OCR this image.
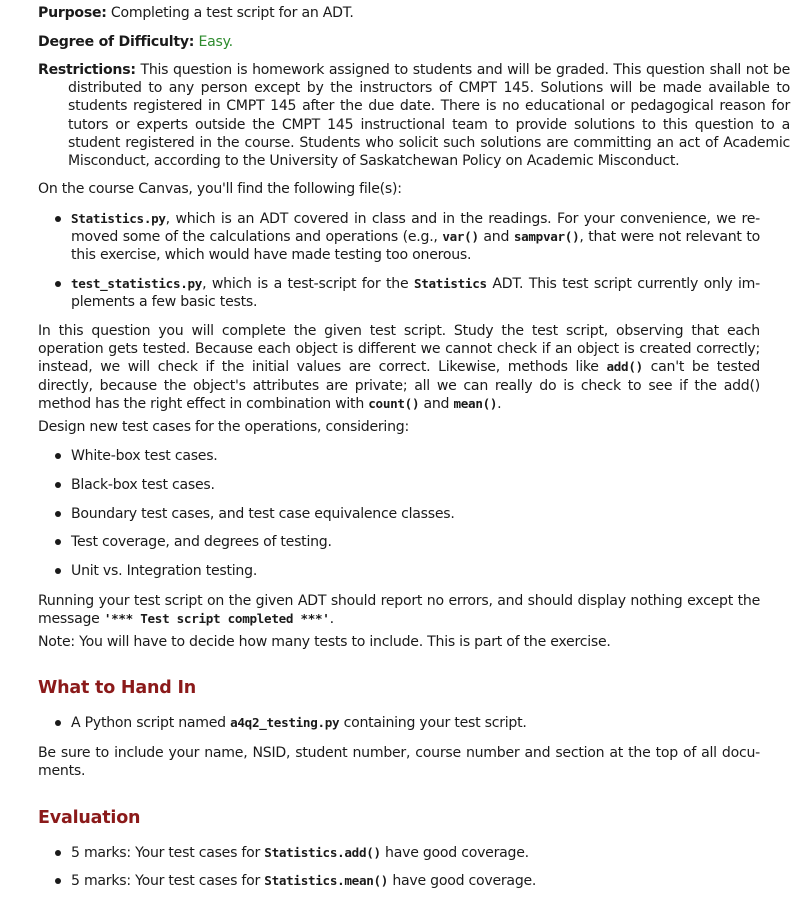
Purpose: Completing a test script for an ADT.
Degree of Difficulty: Easy.
Restrictions: This question is homework assigned to students and will be graded. This question shall not be distributed to any person except by the instructors of CMPT 145. Solutions will be made available to students registered in CMPT 145 after the due date. There is no educational or pedagogical reason for tutors or experts outside the CMPT 145 instructional team to provide solutions to this question to a student registered in the course. Students who solicit such solutions are committing an act of Academic Misconduct, according to the University of Saskatchewan Policy on Academic Misconduct.
On the course Canvas, you'll find the following file(s):
Statistics.py, which is an ADT covered in class and in the readings. For your convenience, we re-moved some of the calculations and operations (e.g., var() and sampvar(), that were not relevant to this exercise, which would have made testing too onerous.
test_statistics.py, which is a test-script for the Statistics ADT. This test script currently only im-plements a few basic tests.
In this question you will complete the given test script. Study the test script, observing that each operation gets tested. Because each object is different we cannot check if an object is created correctly; instead, we will check if the initial values are correct. Likewise, methods like add() can't be tested directly, because the object's attributes are private; all we can really do is check to see if the add() method has the right effect in combination with count() and mean().
Design new test cases for the operations, considering:
White-box test cases.
Black-box test cases.
Boundary test cases, and test case equivalence classes.
Test coverage, and degrees of testing.
Unit vs. Integration testing.
Running your test script on the given ADT should report no errors, and should display nothing except the message '*** Test script completed ***'.
Note: You will have to decide how many tests to include. This is part of the exercise.
What to Hand In
A Python script named a4q2_testing.py containing your test script.
Be sure to include your name, NSID, student number, course number and section at the top of all docu-ments.
Evaluation
5 marks: Your test cases for Statistics.add() have good coverage.
5 marks: Your test cases for Statistics.mean() have good coverage.
